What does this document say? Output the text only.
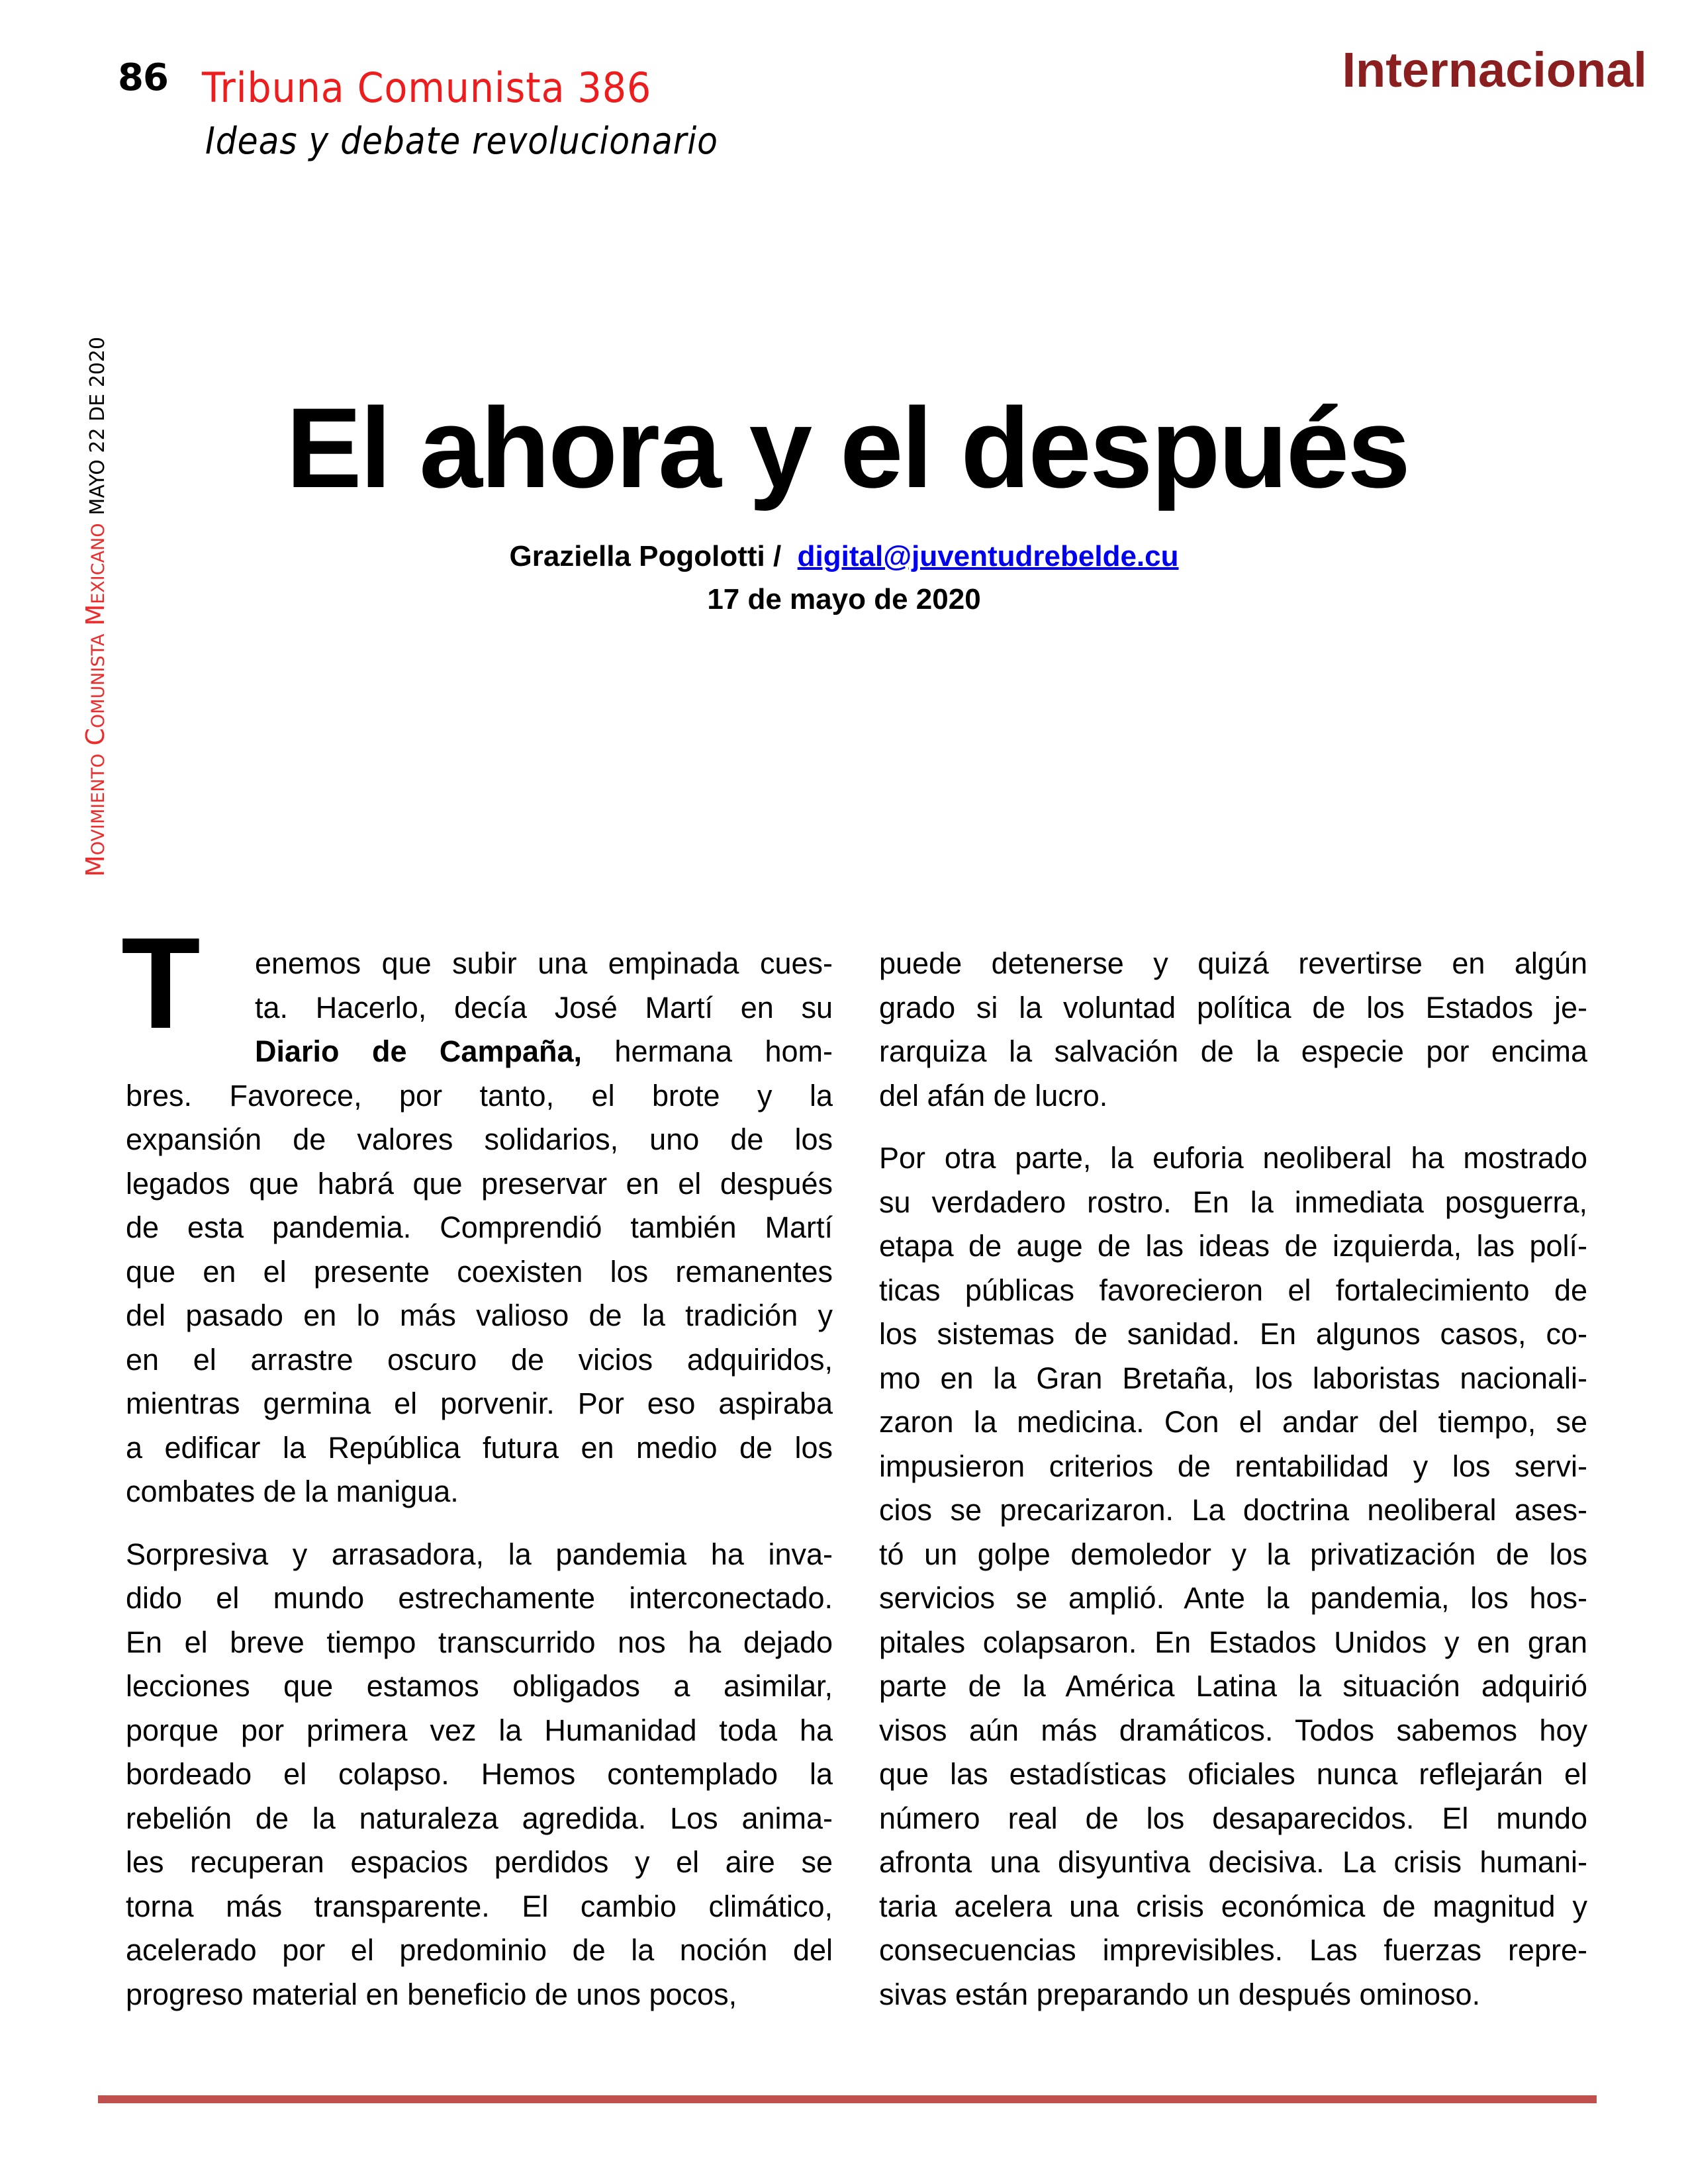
86 Tribuna Comunista 386
Ideas y debate revolucionario
Internacional
Movimiento Comunista MexicanoMAYO 22 DE 2020	El ahora y el después
Graziella Pogolotti / digital@juventudrebelde.cu
17 de mayo de 2020
T enemos que subir una empinada cues-
ta. Hacerlo, decía José Martí en su
Diario de Campaña, hermana hom-
bres. Favorece, por tanto, el brote y la
expansión de valores solidarios, uno de los
legados que habrá que preservar en el después
de esta pandemia. Comprendió también Martí
que en el presente coexisten los remanentes
del pasado en lo más valioso de la tradición y
en el arrastre oscuro de vicios adquiridos,
mientras germina el porvenir. Por eso aspiraba
a edificar la República futura en medio de los
combates de la manigua.
Sorpresiva y arrasadora, la pandemia ha inva-
dido el mundo estrechamente interconectado.
En el breve tiempo transcurrido nos ha dejado
lecciones que estamos obligados a asimilar,
porque por primera vez la Humanidad toda ha
bordeado el colapso. Hemos contemplado la
rebelión de la naturaleza agredida. Los anima-
les recuperan espacios perdidos y el aire se
torna más transparente. El cambio climático,
acelerado por el predominio de la noción del
progreso material en beneficio de unos pocos,
puede detenerse y quizá revertirse en algún
grado si la voluntad política de los Estados je-
rarquiza la salvación de la especie por encima
del afán de lucro.
Por otra parte, la euforia neoliberal ha mostrado
su verdadero rostro. En la inmediata posguerra,
etapa de auge de las ideas de izquierda, las polí-
ticas públicas favorecieron el fortalecimiento de
los sistemas de sanidad. En algunos casos, co-
mo en la Gran Bretaña, los laboristas nacionali-
zaron la medicina. Con el andar del tiempo, se
impusieron criterios de rentabilidad y los servi-
cios se precarizaron. La doctrina neoliberal ases-
tó un golpe demoledor y la privatización de los
servicios se amplió. Ante la pandemia, los hos-
pitales colapsaron. En Estados Unidos y en gran
parte de la América Latina la situación adquirió
visos aún más dramáticos. Todos sabemos hoy
que las estadísticas oficiales nunca reflejarán el
número real de los desaparecidos. El mundo
afronta una disyuntiva decisiva. La crisis humani-
taria acelera una crisis económica de magnitud y
consecuencias imprevisibles. Las fuerzas repre-
sivas están preparando un después ominoso.
